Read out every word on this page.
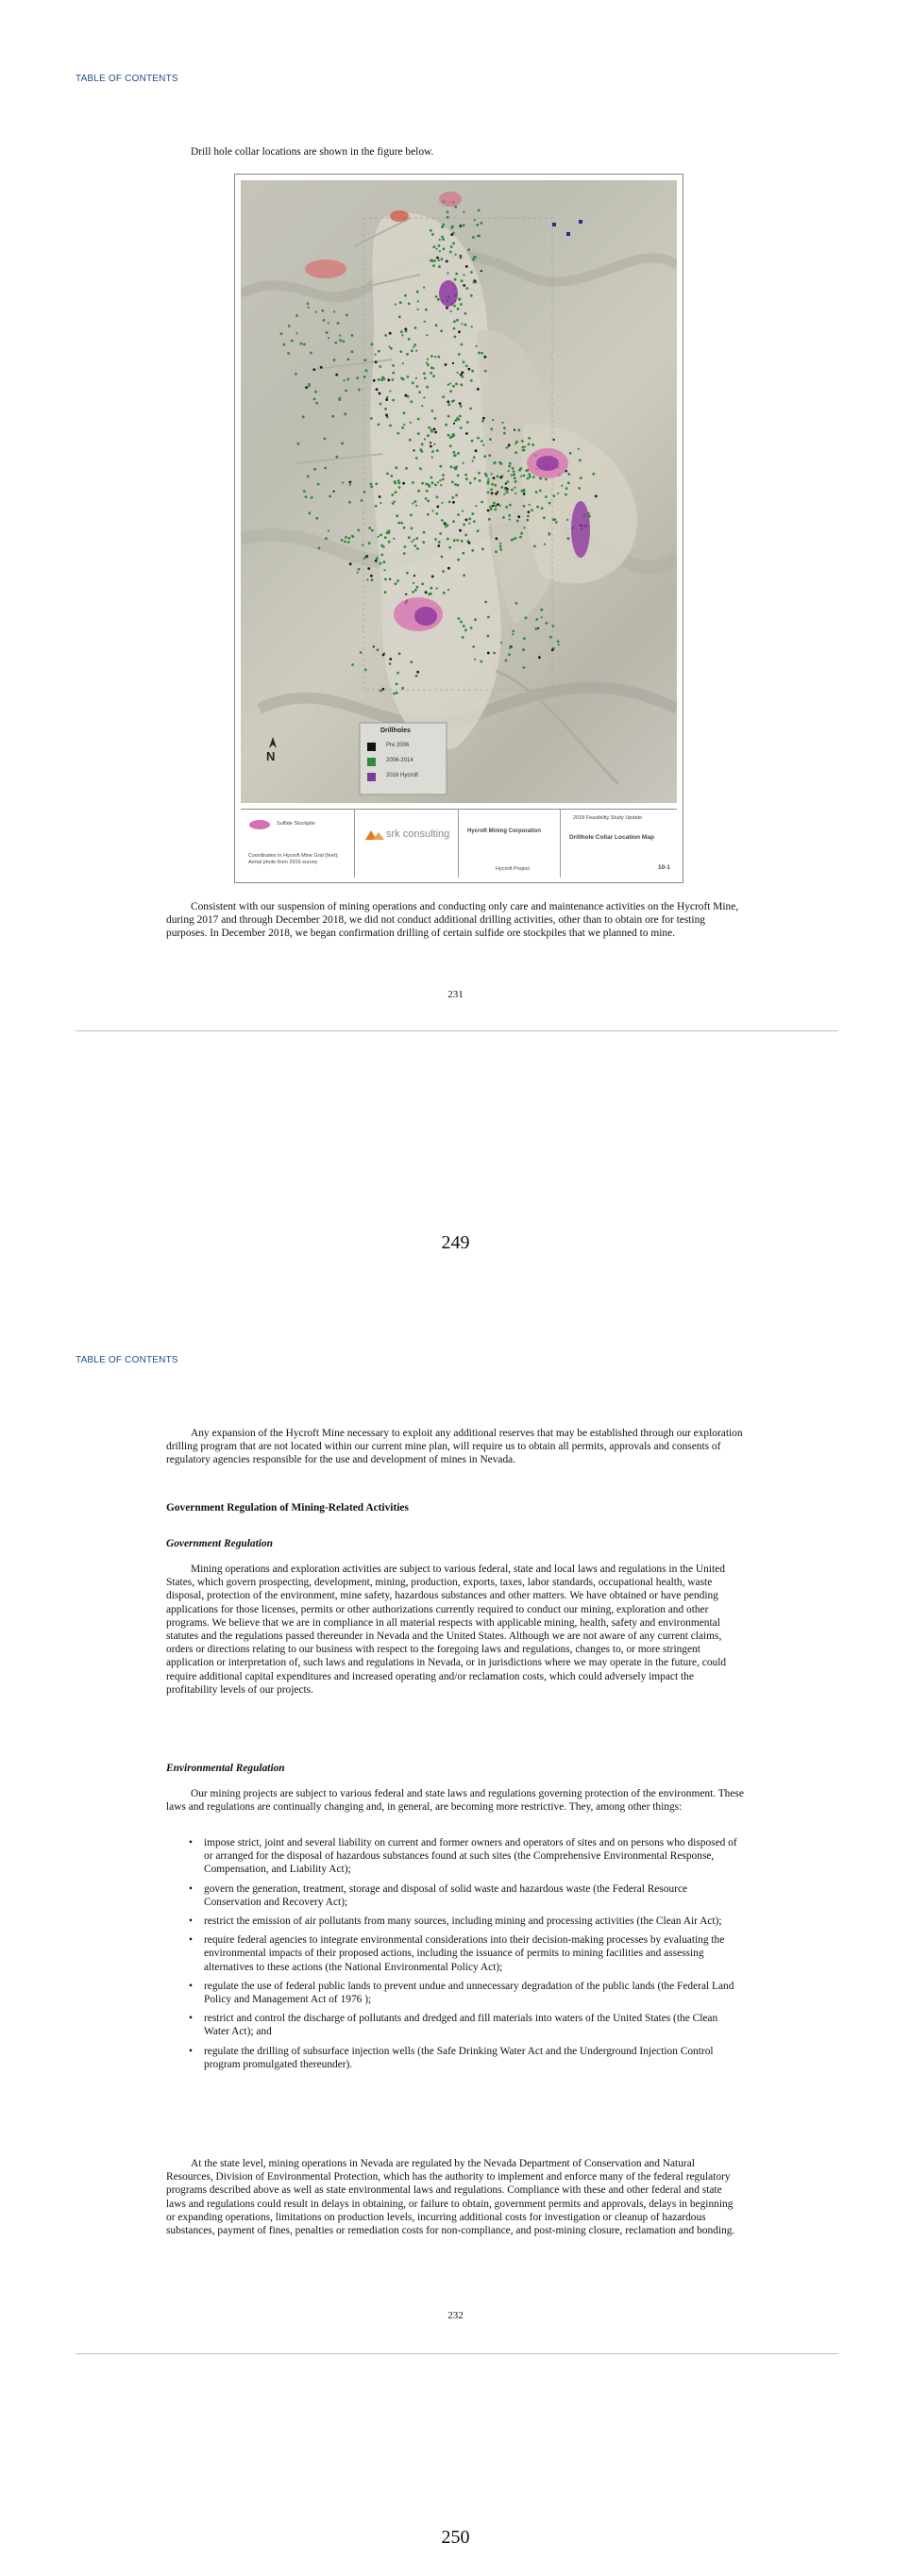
TABLE OF CONTENTS

Drill hole collar locations are shown in the figure below.

N
Drillholes
Pre 2006
2006-2014
2016 Hycroft
Sulfide Stockpile
Coordinates in Hycroft Mine Grid (feet); Aerial photo from 2016 survey
srk consulting	Hycroft Mining Corporation
Hycroft Project
2018 Feasibility Study Update
Drillhole Collar Location Map
10-1

Consistent with our suspension of mining operations and conducting only care and maintenance activities on the Hycroft Mine, during 2017 and through December 2018, we did not conduct additional drilling activities, other than to obtain ore for testing purposes. In December 2018, we began confirmation drilling of certain sulfide ore stockpiles that we planned to mine.

231
249
TABLE OF CONTENTS

Any expansion of the Hycroft Mine necessary to exploit any additional reserves that may be established through our exploration drilling program that are not located within our current mine plan, will require us to obtain all permits, approvals and consents of regulatory agencies responsible for the use and development of mines in Nevada.

Government Regulation of Mining-Related Activities

Government Regulation

Mining operations and exploration activities are subject to various federal, state and local laws and regulations in the United States, which govern prospecting, development, mining, production, exports, taxes, labor standards, occupational health, waste disposal, protection of the environment, mine safety, hazardous substances and other matters. We have obtained or have pending applications for those licenses, permits or other authorizations currently required to conduct our mining, exploration and other programs. We believe that we are in compliance in all material respects with applicable mining, health, safety and environmental statutes and the regulations passed thereunder in Nevada and the United States. Although we are not aware of any current claims, orders or directions relating to our business with respect to the foregoing laws and regulations, changes to, or more stringent application or interpretation of, such laws and regulations in Nevada, or in jurisdictions where we may operate in the future, could require additional capital expenditures and increased operating and/or reclamation costs, which could adversely impact the profitability levels of our projects.

Environmental Regulation

Our mining projects are subject to various federal and state laws and regulations governing protection of the environment. These laws and regulations are continually changing and, in general, are becoming more restrictive. They, among other things:

• impose strict, joint and several liability on current and former owners and operators of sites and on persons who disposed of or arranged for the disposal of hazardous substances found at such sites (the Comprehensive Environmental Response, Compensation, and Liability Act);
• govern the generation, treatment, storage and disposal of solid waste and hazardous waste (the Federal Resource Conservation and Recovery Act);
• restrict the emission of air pollutants from many sources, including mining and processing activities (the Clean Air Act);
• require federal agencies to integrate environmental considerations into their decision-making processes by evaluating the environmental impacts of their proposed actions, including the issuance of permits to mining facilities and assessing alternatives to these actions (the National Environmental Policy Act);
• regulate the use of federal public lands to prevent undue and unnecessary degradation of the public lands (the Federal Land Policy and Management Act of 1976 );
• restrict and control the discharge of pollutants and dredged and fill materials into waters of the United States (the Clean Water Act); and
• regulate the drilling of subsurface injection wells (the Safe Drinking Water Act and the Underground Injection Control program promulgated thereunder).

At the state level, mining operations in Nevada are regulated by the Nevada Department of Conservation and Natural Resources, Division of Environmental Protection, which has the authority to implement and enforce many of the federal regulatory programs described above as well as state environmental laws and regulations. Compliance with these and other federal and state laws and regulations could result in delays in obtaining, or failure to obtain, government permits and approvals, delays in beginning or expanding operations, limitations on production levels, incurring additional costs for investigation or cleanup of hazardous substances, payment of fines, penalties or remediation costs for non-compliance, and post-mining closure, reclamation and bonding.

232
250
